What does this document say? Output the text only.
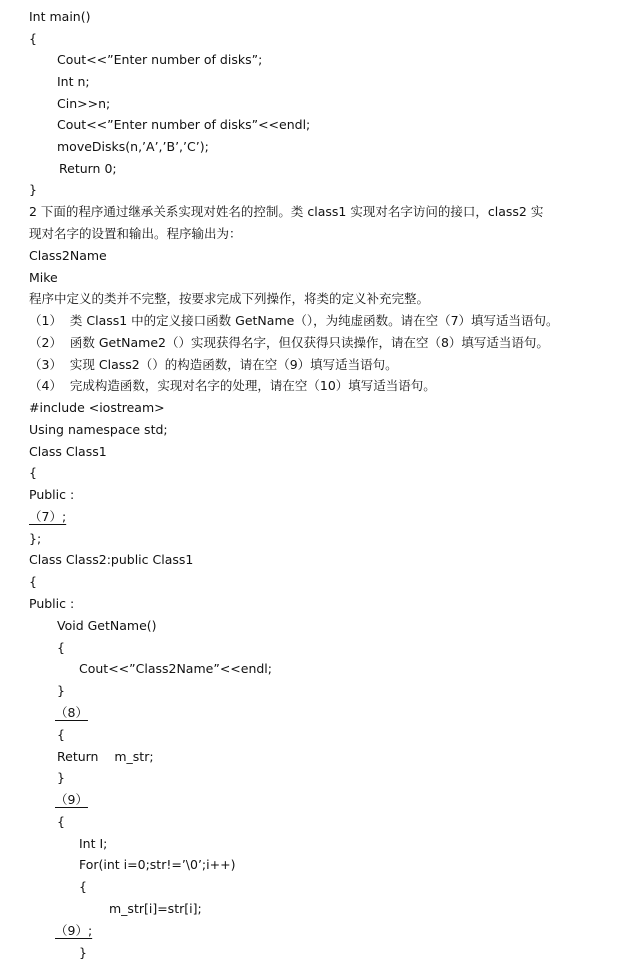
Int main()
{
Cout<<”Enter number of disks”;
Int n;
Cin>>n;
Cout<<”Enter number of disks”<<endl;
moveDisks(n,’A’,’B’,’C’);
Return 0;
}
2 下面的程序通过继承关系实现对姓名的控制。类 class1 实现对名字访问的接口，class2 实
现对名字的设置和输出。程序输出为：
Class2Name
Mike
程序中定义的类并不完整，按要求完成下列操作，将类的定义补充完整。
（1）  类 Class1 中的定义接口函数 GetName（），为纯虚函数。请在空（7）填写适当语句。
（2）  函数 GetName2（）实现获得名字，但仅获得只读操作，请在空（8）填写适当语句。
（3）  实现 Class2（）的构造函数，请在空（9）填写适当语句。
（4）  完成构造函数，实现对名字的处理，请在空（10）填写适当语句。
#include <iostream>
Using namespace std;
Class Class1
{
Public :
（7）;
};
Class Class2:public Class1
{
Public :
Void GetName()
{
Cout<<”Class2Name”<<endl;
}
（8）
{
Return    m_str;
}
（9）
{
Int I;
For(int i=0;str!=’\0’;i++)
{
m_str[i]=str[i];
（9）;
}
